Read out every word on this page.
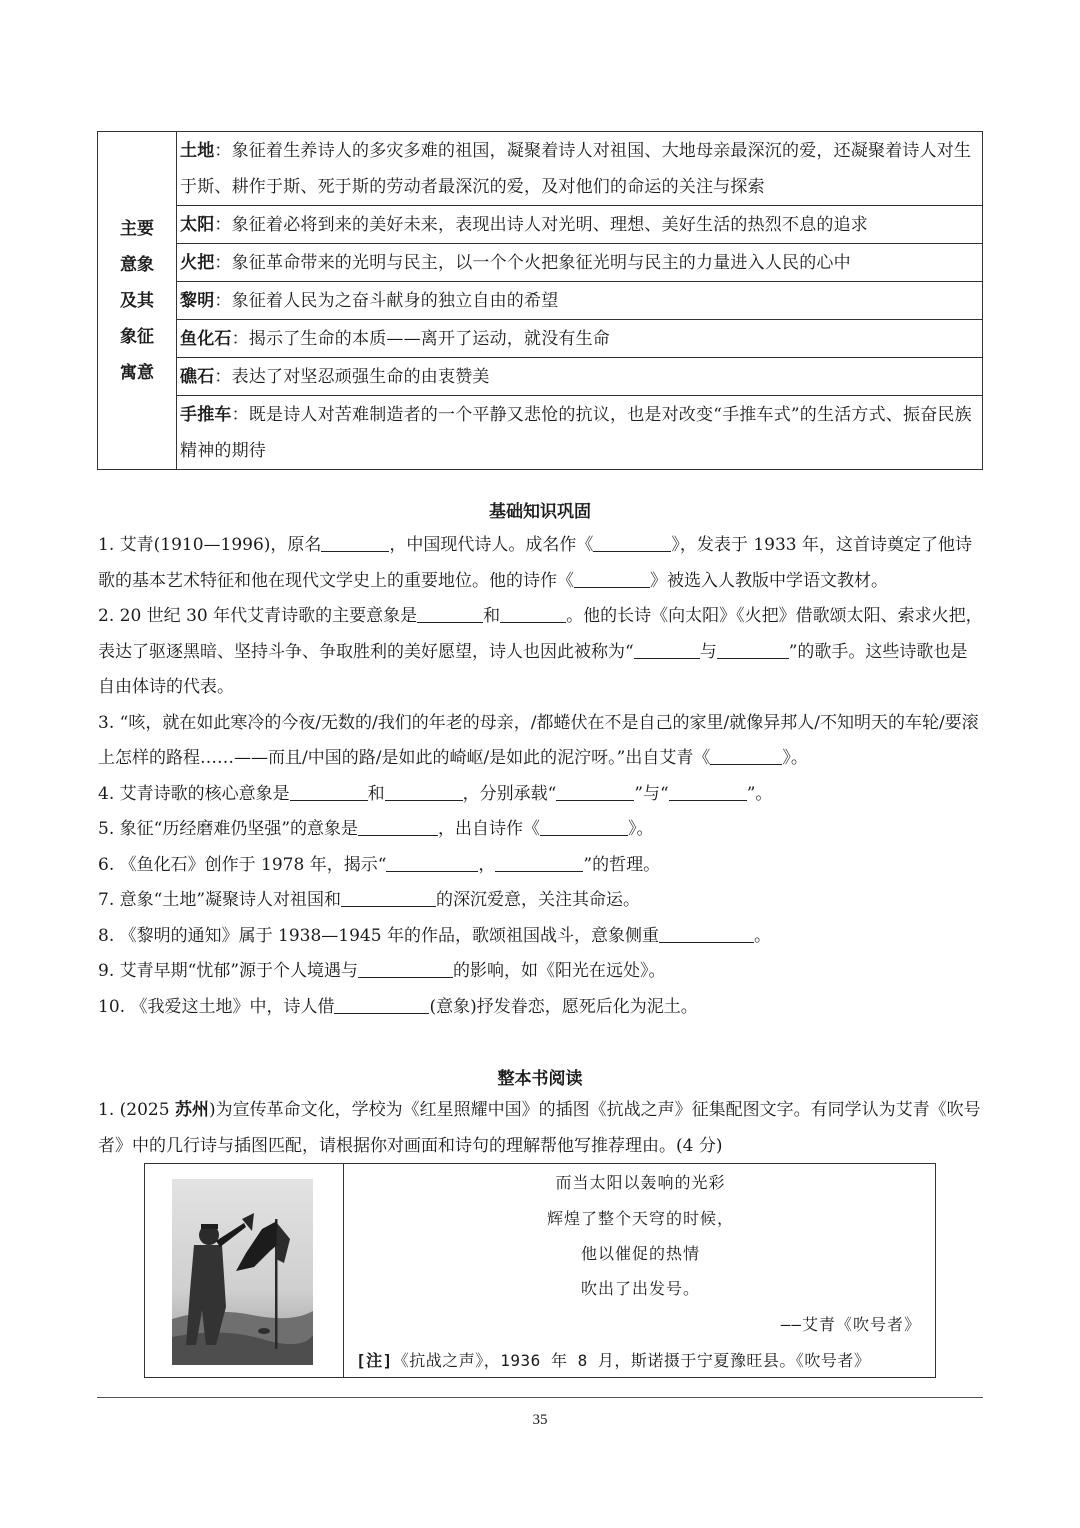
主要
意象
及其
象征
寓意
	土地：象征着生养诗人的多灾多难的祖国，凝聚着诗人对祖国、大地母亲最深沉的爱，还凝聚着诗人对生于斯、耕作于斯、死于斯的劳动者最深沉的爱，及对他们的命运的关注与探索
太阳：象征着必将到来的美好未来，表现出诗人对光明、理想、美好生活的热烈不息的追求
火把：象征革命带来的光明与民主，以一个个火把象征光明与民主的力量进入人民的心中
黎明：象征着人民为之奋斗献身的独立自由的希望
鱼化石：揭示了生命的本质——离开了运动，就没有生命
礁石：表达了对坚忍顽强生命的由衷赞美
手推车：既是诗人对苦难制造者的一个平静又悲怆的抗议，也是对改变“手推车式”的生活方式、振奋民族精神的期待
基础知识巩固

1. 艾青(1910—1996)，原名	，中国现代诗人。成名作《	》，发表于 1933 年，这首诗奠定了他诗歌的基本艺术特征和他在现代文学史上的重要地位。他的诗作《	》被选入人教版中学语文教材。

2. 20 世纪 30 年代艾青诗歌的主要意象是	和	。他的长诗《向太阳》《火把》借歌颂太阳、索求火把，表达了驱逐黑暗、坚持斗争、争取胜利的美好愿望，诗人也因此被称为“	与	”的歌手。这些诗歌也是自由体诗的代表。

3. “咳，就在如此寒冷的今夜/无数的/我们的年老的母亲，/都蜷伏在不是自己的家里/就像异邦人/不知明天的车轮/要滚上怎样的路程……——而且/中国的路/是如此的崎岖/是如此的泥泞呀。”出自艾青《	》。

4. 艾青诗歌的核心意象是	和	，分别承载“	”与“	”。

5. 象征“历经磨难仍坚强”的意象是	，出自诗作《	》。

6. 《鱼化石》创作于 1978 年，揭示“	，	”的哲理。

7. 意象“土地”凝聚诗人对祖国和	的深沉爱意，关注其命运。

8. 《黎明的通知》属于 1938—1945 年的作品，歌颂祖国战斗，意象侧重	。

9. 艾青早期“忧郁”源于个人境遇与	的影响，如《阳光在远处》。

10. 《我爱这土地》中，诗人借	(意象)抒发眷恋，愿死后化为泥土。

整本书阅读

1. (2025 苏州)为宣传革命文化，学校为《红星照耀中国》的插图《抗战之声》征集配图文字。有同学认为艾青《吹号者》中的几行诗与插图匹配，请根据你对画面和诗句的理解帮他写推荐理由。(4 分)

而当太阳以轰响的光彩
辉煌了整个天穹的时候，
他以催促的热情
吹出了出发号。
——艾青《吹号者》
[注]《抗战之声》，1936 年 8 月，斯诺摄于宁夏豫旺县。《吹号者》
35
